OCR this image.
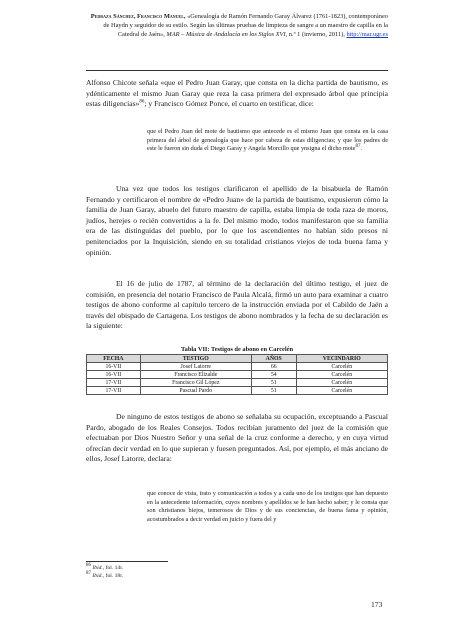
Pedraza Sánchez, Francisco Manuel, «Genealogía de Ramón Fernando Garay Álvarez (1761-1823), contemporáneo de Haydn y seguidor de su estilo. Según las últimas pruebas de limpieza de sangre a un maestro de capilla en la Catedral de Jaén», MAR – Música de Andalucía en los Siglos XVI, n.º 1 (invierno, 2011), http://mar.ugr.es

Alfonso Chicote señala «que el Pedro Juan Garay, que consta en la dicha partida de bautismo, es ydénticamente el mismo Juan Garay que reza la casa primera del expresado árbol que principia estas diligencias»$^{86}$; y Francisco Gómez Ponce, el cuarto en testificar, dice:

que el Pedro Juan del mote de bautismo que antecede es el mismo Juan que consta en la casa primera del árbol de genealogía que hace por cabeza de estas diligencias; y que los padres de este le fueron sin duda el Diego Garay y Angela Morcillo que ynsigna el dicho mote$^{87}$.

Una vez que todos los testigos clarificaron el apellido de la bisabuela de Ramón Fernando y certificaron el nombre de «Pedro Juan» de la partida de bautismo, expusieron cómo la familia de Juan Garay, abuelo del futuro maestro de capilla, estaba limpia de toda raza de moros, judíos, herejes o recién convertidos a la fe. Del mismo modo, todos manifestaron que su familia era de las distinguidas del pueblo, por lo que los ascendientes no habían sido presos ni penitenciados por la Inquisición, siendo en su totalidad cristianos viejos de toda buena fama y opinión.

El 16 de julio de 1787, al término de la declaración del último testigo, el juez de comisión, en presencia del notario Francisco de Paula Alcalá, firmó un auto para examinar a cuatro testigos de abono conforme al capítulo tercero de la instrucción enviada por el Cabildo de Jaén a través del obispado de Cartagena. Los testigos de abono nombrados y la fecha de su declaración es la siguiente:

Tabla VII: Testigos de abono en Carcelén
FECHA	TESTIGO	AÑOS	VECINDARIO
16-VII	Josef Latorre	66	Carcelén
16-VII	Francisco Elizalde	54	Carcelén
17-VII	Francisco Gil López	51	Carcelén
17-VII	Pascual Pardo	51	Carcelén

De ninguno de estos testigos de abono se señalaba su ocupación, exceptuando a Pascual Pardo, abogado de los Reales Consejos. Todos recibían juramento del juez de la comisión que efectuaban por Dios Nuestro Señor y una señal de la cruz conforme a derecho, y en cuya virtud ofrecían decir verdad en lo que supieran y fuesen preguntados. Así, por ejemplo, el más anciano de ellos, Josef Latorre, declara:

que conoce de vista, trato y comunicación a todos y a cada uno de los testigos que han depuesto en la antecedente información, cuyos nombres y apellidos se le han hecho saber; y le consta que son christianos biejos, temerosos de Dios y de sus conciencias, de buena fama y opinión, acostumbrados a decir verdad en juicio y fuera del y

$^{86}$ Ibid., fol. 14r.
$^{87}$ Ibid., fol. 18r.
173
